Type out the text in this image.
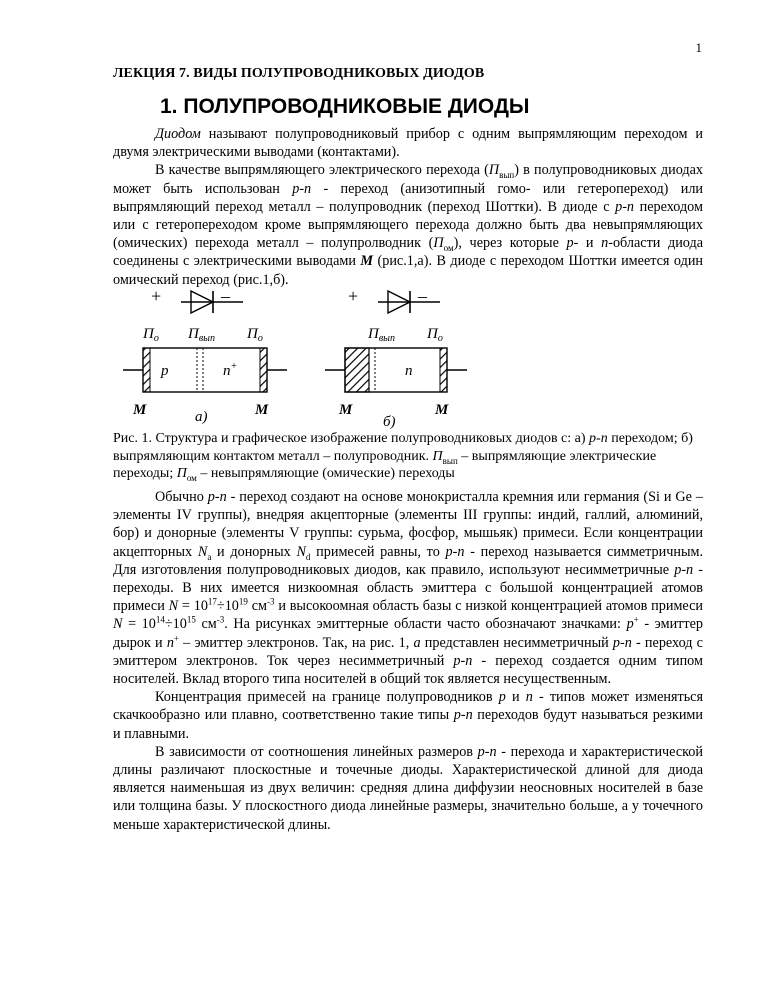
1
ЛЕКЦИЯ 7. ВИДЫ ПОЛУПРОВОДНИКОВЫХ ДИОДОВ
1. ПОЛУПРОВОДНИКОВЫЕ ДИОДЫ

Диодом называют полупроводниковый прибор с одним выпрямляющим переходом и двумя электрическими выводами (контактами).

В качестве выпрямляющего электрического перехода $(П_{вып})$ в полупроводниковых диодах может быть использован p-n - переход (анизотипный гомо- или гетеропереход) или выпрямляющий переход металл – полупроводник (переход Шоттки). В диоде с p-n переходом или с гетеропереходом кроме выпрямляющего перехода должно быть два невыпрямляющих (омических) перехода металл – полупролводник $(П_{ом})$, через которые p- и n-области диода соединены с электрическими выводами M (рис.1,а). В диоде с переходом Шоттки имеется один омический переход (рис.1,б).

+	–
$П_о$ $П_{вып}$ $П_о$
p	n+
M	M
а)
+	–
$П_{вып}$ $П_о$
n
M	M
б)
Рис. 1. Структура и графическое изображение полупроводниковых диодов с: а) p-n переходом; б) выпрямляющим контактом металл – полупроводник. $П_{вып}$ – выпрямляющие электрические переходы; $П_{ом}$ – невыпрямляющие (омические) переходы

Обычно p-n - переход создают на основе монокристалла кремния или германия (Si и Ge – элементы IV группы), внедряя акцепторные (элементы III группы: индий, галлий, алюминий, бор) и донорные (элементы V группы: сурьма, фосфор, мышьяк) примеси. Если концентрации акцепторных $N_a$ и донорных $N_d$ примесей равны, то p-n - переход называется симметричным. Для изготовления полупроводниковых диодов, как правило, используют несимметричные p-n - переходы. В них имеется низкоомная область эмиттера с большой концентрацией атомов примеси $N = 10^{17}\div 10^{19}$ $см^{-3}$ и высокоомная область базы с низкой концентрацией атомов примеси $N = 10^{14}\div 10^{15}$ $см^{-3}$. На рисунках эмиттерные области часто обозначают значками: p+ - эмиттер дырок и n+ – эмиттер электронов. Так, на рис. 1, а представлен несимметричный p-n - переход с эмиттером электронов. Ток через несимметричный p-n - переход создается одним типом носителей. Вклад второго типа носителей в общий ток является несущественным.

Концентрация примесей на границе полупроводников p и n - типов может изменяться скачкообразно или плавно, соответственно такие типы p-n переходов будут называться резкими и плавными.

В зависимости от соотношения линейных размеров p-n - перехода и характеристической длины различают плоскостные и точечные диоды. Характеристической длиной для диода является наименьшая из двух величин: средняя длина диффузии неосновных носителей в базе или толщина базы. У плоскостного диода линейные размеры, значительно больше, а у точечного меньше характеристической длины.
